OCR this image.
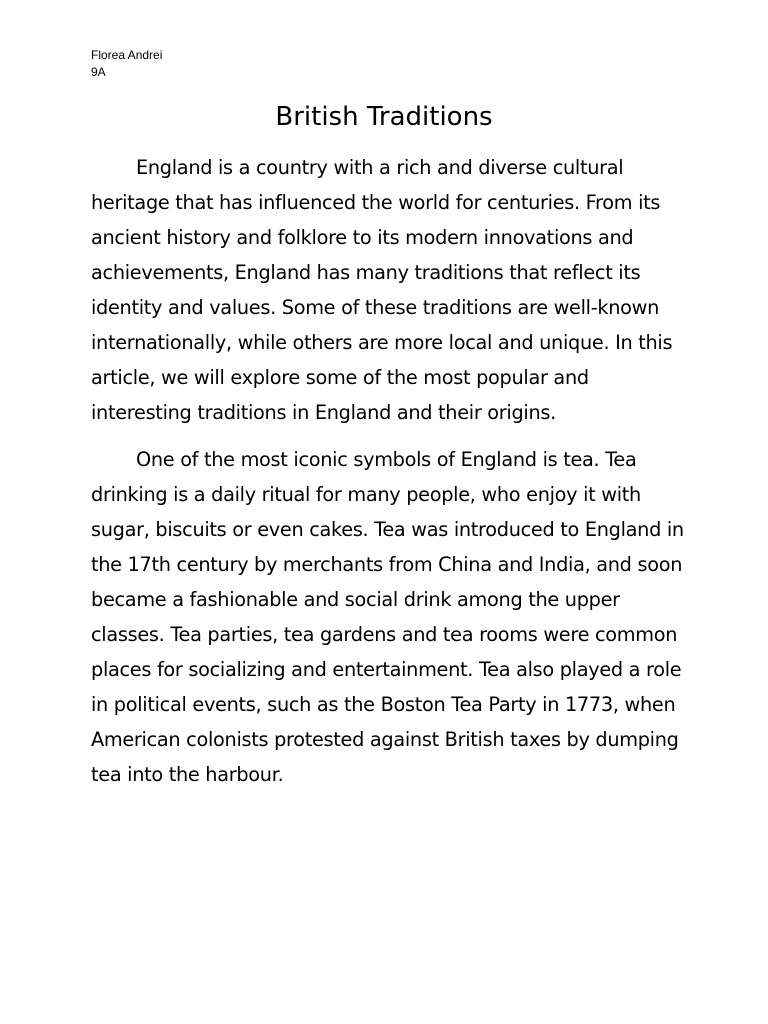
Florea Andrei
9A
British Traditions

England is a country with a rich and diverse cultural heritage that has influenced the world for centuries. From its ancient history and folklore to its modern innovations and achievements, England has many traditions that reflect its identity and values. Some of these traditions are well-known internationally, while others are more local and unique. In this article, we will explore some of the most popular and interesting traditions in England and their origins.

One of the most iconic symbols of England is tea. Tea drinking is a daily ritual for many people, who enjoy it with sugar, biscuits or even cakes. Tea was introduced to England in the 17th century by merchants from China and India, and soon became a fashionable and social drink among the upper classes. Tea parties, tea gardens and tea rooms were common places for socializing and entertainment. Tea also played a role in political events, such as the Boston Tea Party in 1773, when American colonists protested against British taxes by dumping tea into the harbour.
